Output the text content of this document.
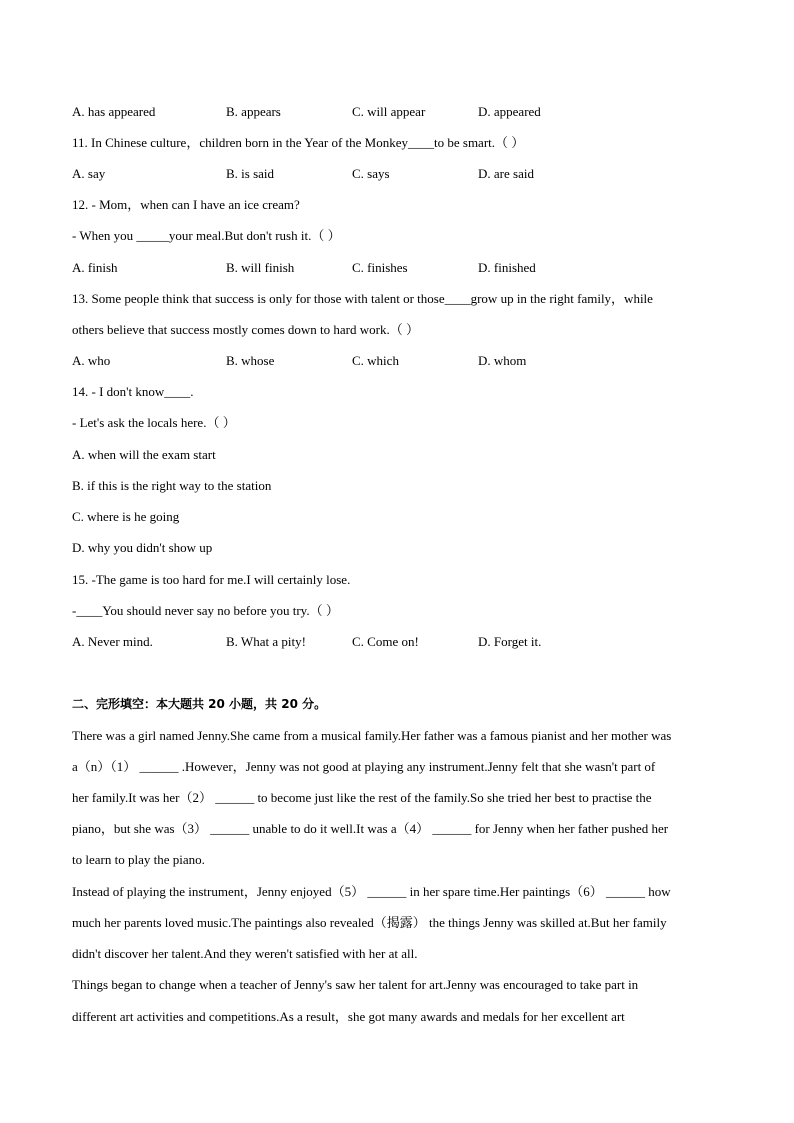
A. has appeared	B. appears	C. will appear	D. appeared
11. In Chinese culture，children born in the Year of the Monkey____to be smart.（ ）
A. say	B. is said	C. says	D. are said
12. - Mom，when can I have an ice cream?
- When you _____your meal.But don't rush it.（ ）
A. finish	B. will finish	C. finishes	D. finished
13. Some people think that success is only for those with talent or those____grow up in the right family，while
others believe that success mostly comes down to hard work.（ ）
A. who	B. whose	C. which	D. whom
14. - I don't know____.
- Let's ask the locals here.（ ）
A. when will the exam start
B. if this is the right way to the station
C. where is he going
D. why you didn't show up
15. -The game is too hard for me.I will certainly lose.
-____You should never say no before you try.（ ）
A. Never mind.	B. What a pity!	C. Come on!	D. Forget it.
二、完形填空：本大题共 20 小题，共 20 分。
There was a girl named Jenny.She came from a musical family.Her father was a famous pianist and her mother was
a（n）（1） ______ .However，Jenny was not good at playing any instrument.Jenny felt that she wasn't part of
her family.It was her（2） ______ to become just like the rest of the family.So she tried her best to practise the
piano，but she was（3） ______ unable to do it well.It was a（4） ______ for Jenny when her father pushed her
to learn to play the piano.
Instead of playing the instrument，Jenny enjoyed（5） ______ in her spare time.Her paintings（6） ______ how
much her parents loved music.The paintings also revealed（揭露） the things Jenny was skilled at.But her family
didn't discover her talent.And they weren't satisfied with her at all.
Things began to change when a teacher of Jenny's saw her talent for art.Jenny was encouraged to take part in
different art activities and competitions.As a result，she got many awards and medals for her excellent art
